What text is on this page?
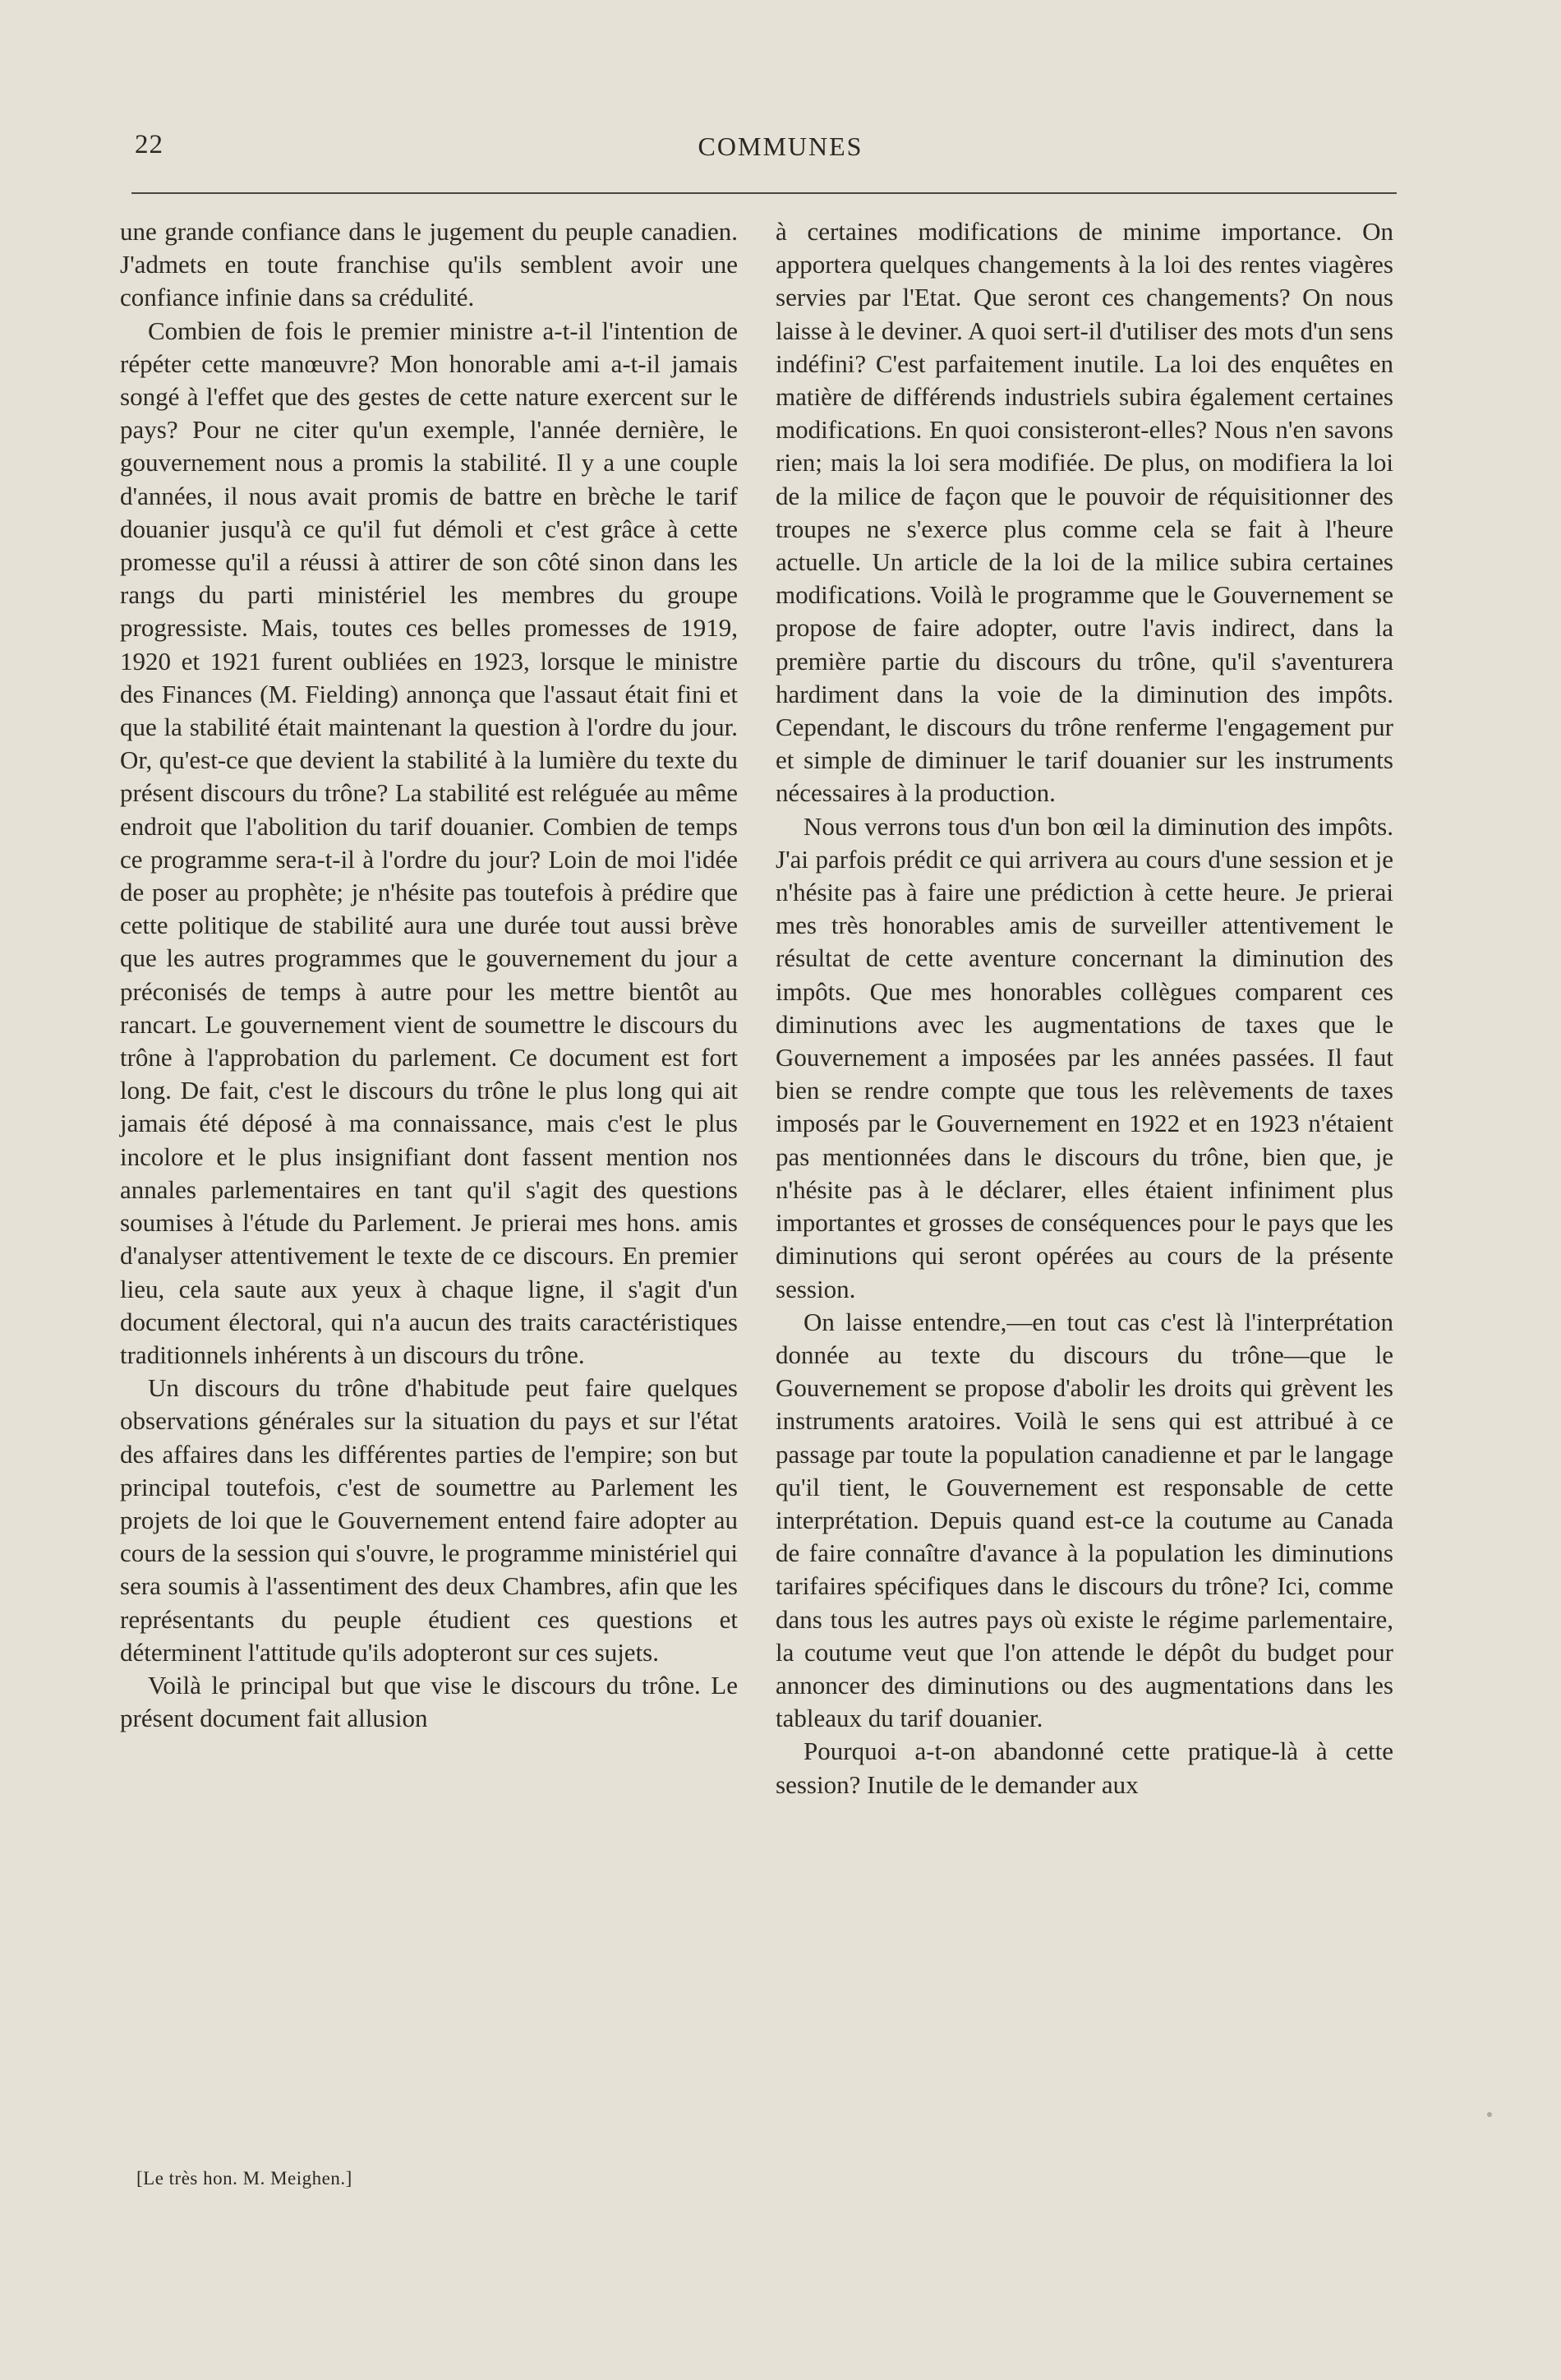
22	COMMUNES

une grande confiance dans le jugement du peuple canadien. J'admets en toute franchise qu'ils semblent avoir une confiance infinie dans sa crédulité.

Combien de fois le premier ministre a-t-il l'intention de répéter cette manœuvre? Mon honorable ami a-t-il jamais songé à l'effet que des gestes de cette nature exercent sur le pays? Pour ne citer qu'un exemple, l'année dernière, le gouvernement nous a promis la stabilité. Il y a une couple d'années, il nous avait promis de battre en brèche le tarif douanier jusqu'à ce qu'il fut démoli et c'est grâce à cette promesse qu'il a réussi à attirer de son côté sinon dans les rangs du parti ministériel les membres du groupe progressiste. Mais, toutes ces belles promesses de 1919, 1920 et 1921 furent oubliées en 1923, lorsque le ministre des Finances (M. Fielding) annonça que l'assaut était fini et que la stabilité était maintenant la question à l'ordre du jour. Or, qu'est-ce que devient la stabilité à la lumière du texte du présent discours du trône? La stabilité est reléguée au même endroit que l'abolition du tarif douanier. Combien de temps ce programme sera-t-il à l'ordre du jour? Loin de moi l'idée de poser au prophète; je n'hésite pas toutefois à prédire que cette politique de stabilité aura une durée tout aussi brève que les autres programmes que le gouvernement du jour a préconisés de temps à autre pour les mettre bientôt au rancart. Le gouvernement vient de soumettre le discours du trône à l'approbation du parlement. Ce document est fort long. De fait, c'est le discours du trône le plus long qui ait jamais été déposé à ma connaissance, mais c'est le plus incolore et le plus insignifiant dont fassent mention nos annales parlementaires en tant qu'il s'agit des questions soumises à l'étude du Parlement. Je prierai mes hons. amis d'analyser attentivement le texte de ce discours. En premier lieu, cela saute aux yeux à chaque ligne, il s'agit d'un document électoral, qui n'a aucun des traits caractéristiques traditionnels inhérents à un discours du trône.

Un discours du trône d'habitude peut faire quelques observations générales sur la situation du pays et sur l'état des affaires dans les différentes parties de l'empire; son but principal toutefois, c'est de soumettre au Parlement les projets de loi que le Gouvernement entend faire adopter au cours de la session qui s'ouvre, le programme ministériel qui sera soumis à l'assentiment des deux Chambres, afin que les représentants du peuple étudient ces questions et déterminent l'attitude qu'ils adopteront sur ces sujets.

Voilà le principal but que vise le discours du trône. Le présent document fait allusion

à certaines modifications de minime importance. On apportera quelques changements à la loi des rentes viagères servies par l'Etat. Que seront ces changements? On nous laisse à le deviner. A quoi sert-il d'utiliser des mots d'un sens indéfini? C'est parfaitement inutile. La loi des enquêtes en matière de différends industriels subira également certaines modifications. En quoi consisteront-elles? Nous n'en savons rien; mais la loi sera modifiée. De plus, on modifiera la loi de la milice de façon que le pouvoir de réquisitionner des troupes ne s'exerce plus comme cela se fait à l'heure actuelle. Un article de la loi de la milice subira certaines modifications. Voilà le programme que le Gouvernement se propose de faire adopter, outre l'avis indirect, dans la première partie du discours du trône, qu'il s'aventurera hardiment dans la voie de la diminution des impôts. Cependant, le discours du trône renferme l'engagement pur et simple de diminuer le tarif douanier sur les instruments nécessaires à la production.

Nous verrons tous d'un bon œil la diminution des impôts. J'ai parfois prédit ce qui arrivera au cours d'une session et je n'hésite pas à faire une prédiction à cette heure. Je prierai mes très honorables amis de surveiller attentivement le résultat de cette aventure concernant la diminution des impôts. Que mes honorables collègues comparent ces diminutions avec les augmentations de taxes que le Gouvernement a imposées par les années passées. Il faut bien se rendre compte que tous les relèvements de taxes imposés par le Gouvernement en 1922 et en 1923 n'étaient pas mentionnées dans le discours du trône, bien que, je n'hésite pas à le déclarer, elles étaient infiniment plus importantes et grosses de conséquences pour le pays que les diminutions qui seront opérées au cours de la présente session.

On laisse entendre,—en tout cas c'est là l'interprétation donnée au texte du discours du trône—que le Gouvernement se propose d'abolir les droits qui grèvent les instruments aratoires. Voilà le sens qui est attribué à ce passage par toute la population canadienne et par le langage qu'il tient, le Gouvernement est responsable de cette interprétation. Depuis quand est-ce la coutume au Canada de faire connaître d'avance à la population les diminutions tarifaires spécifiques dans le discours du trône? Ici, comme dans tous les autres pays où existe le régime parlementaire, la coutume veut que l'on attende le dépôt du budget pour annoncer des diminutions ou des augmentations dans les tableaux du tarif douanier.

Pourquoi a-t-on abandonné cette pratique-là à cette session? Inutile de le demander aux

[Le très hon. M. Meighen.]
